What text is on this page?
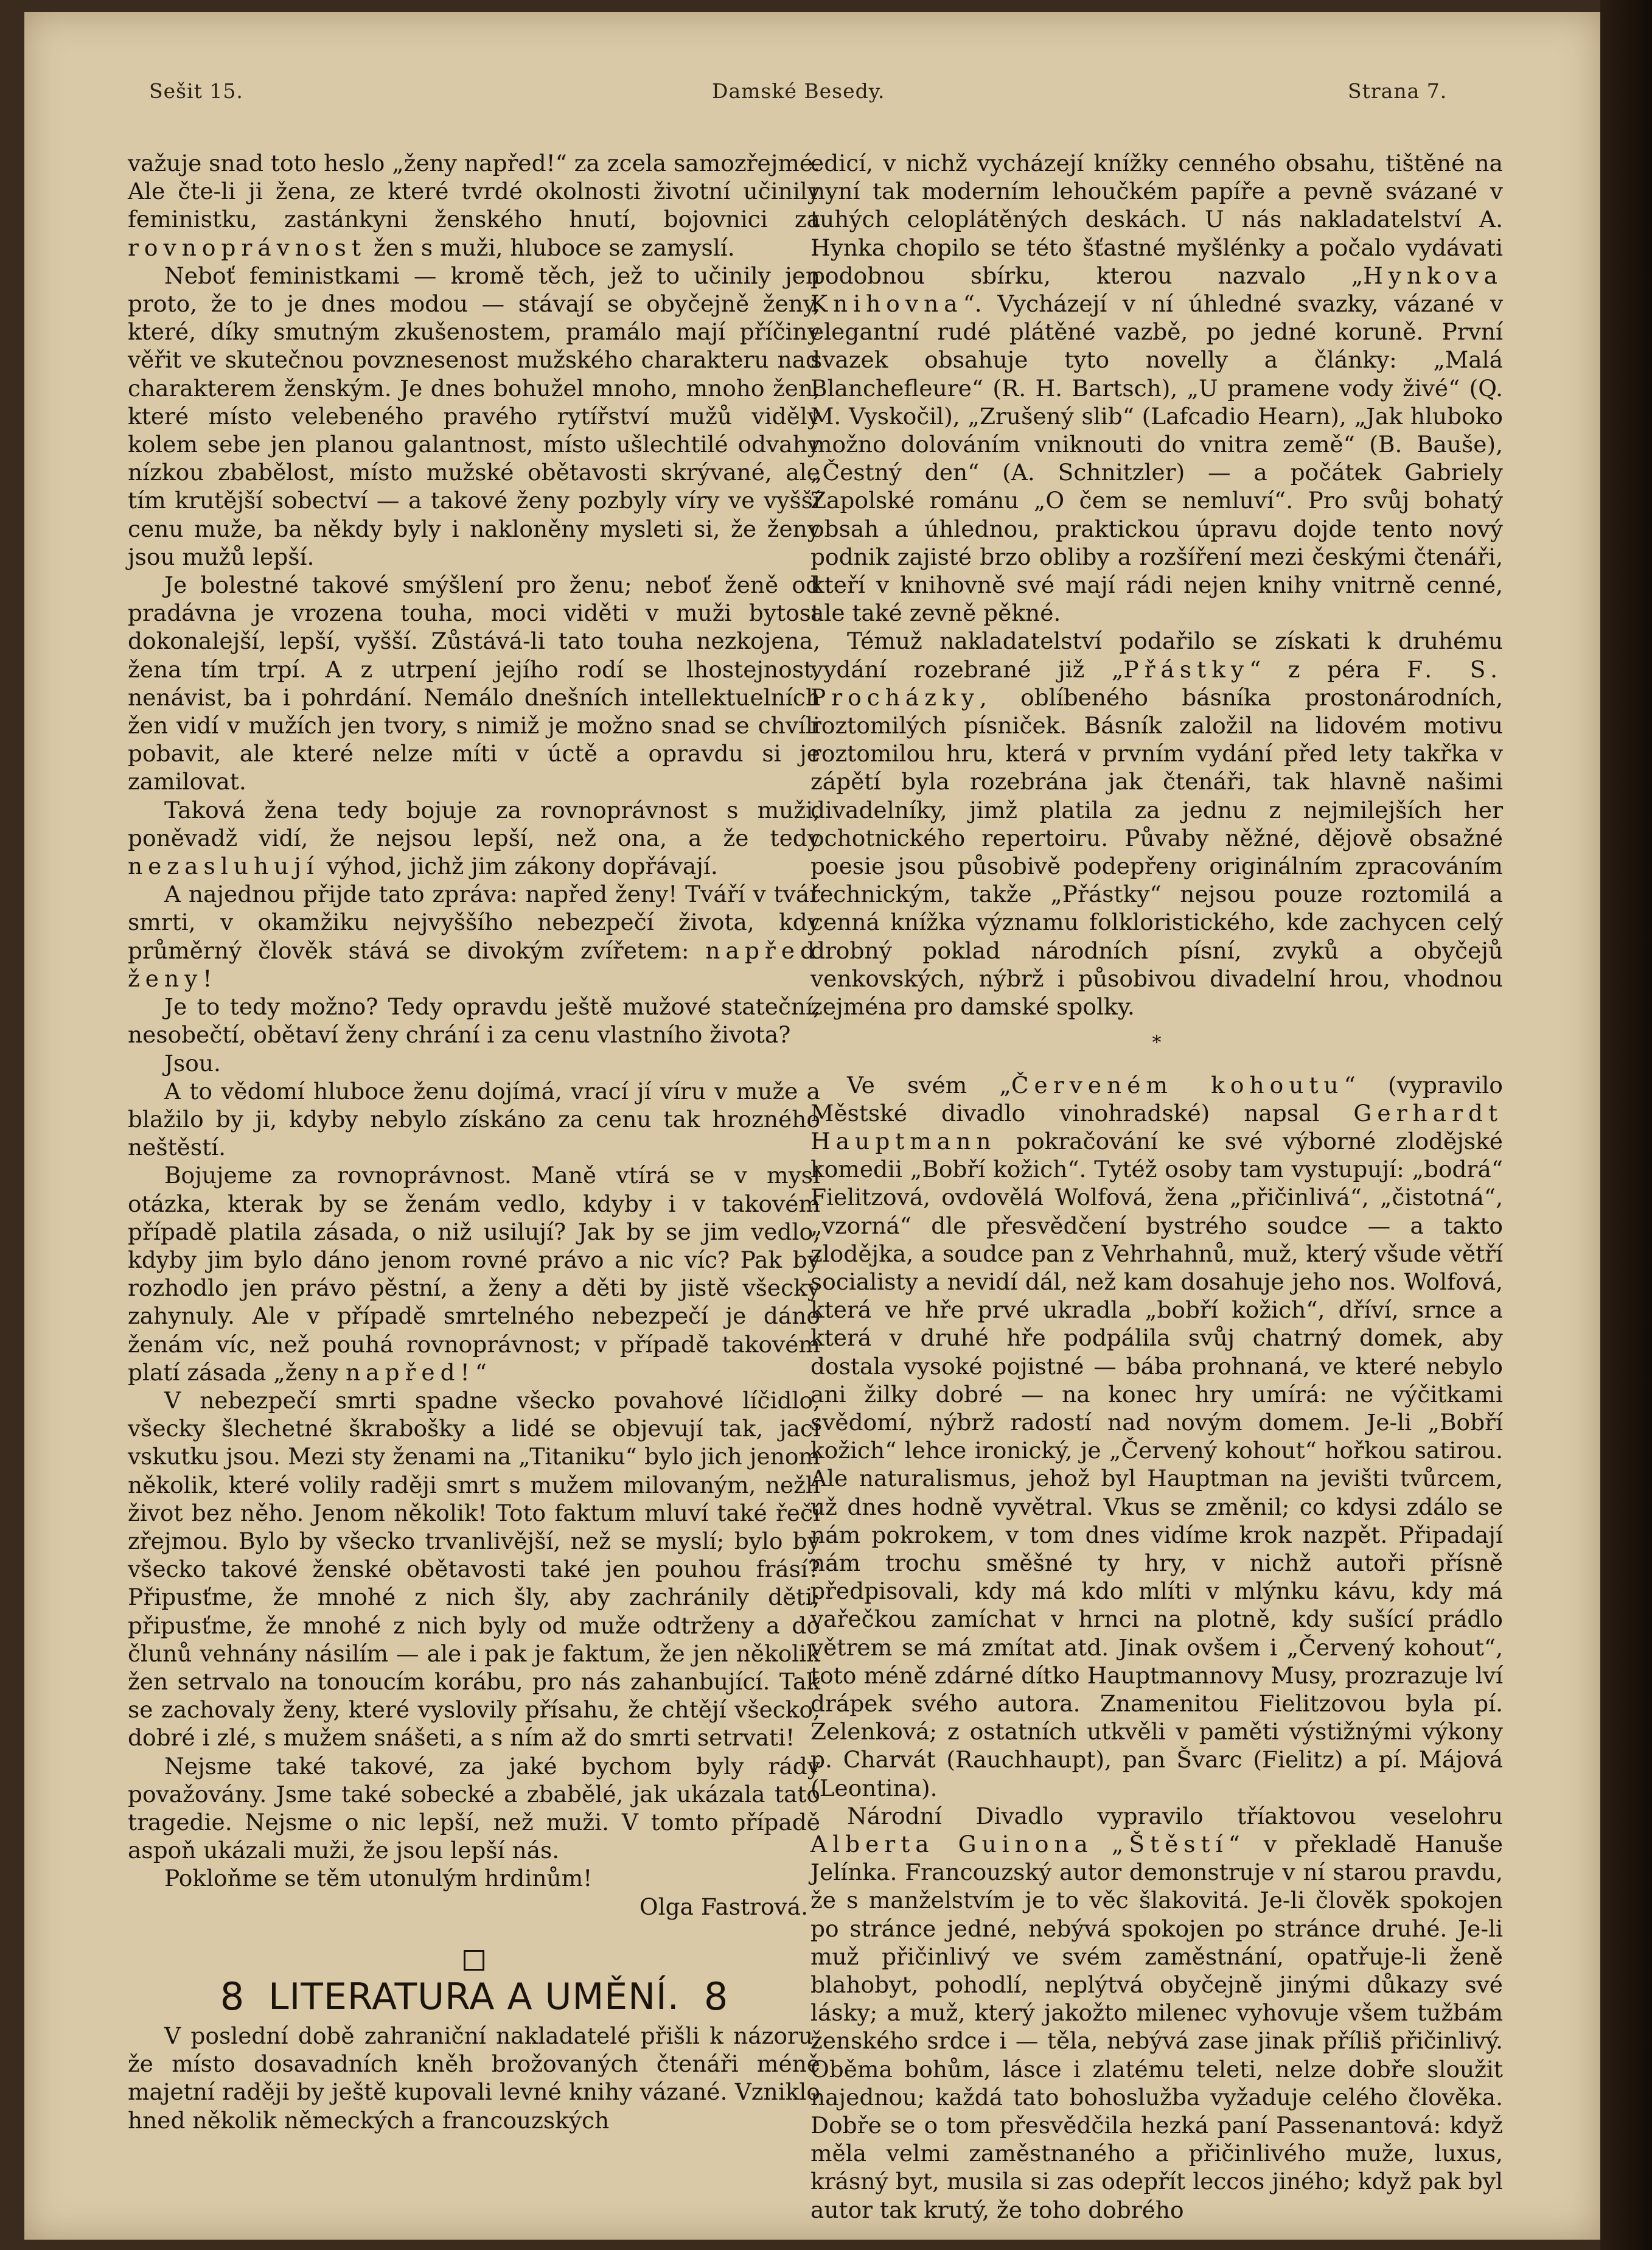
Sešit 15.	Damské Besedy.	Strana 7.

važuje snad toto heslo „ženy napřed!“ za zcela samozřejmé. Ale čte-li ji žena, ze které tvrdé okolnosti životní učinily feministku, zastánkyni ženského hnutí, bojovnici za rovnoprávnost žen s muži, hluboce se zamyslí.

Neboť feministkami — kromě těch, jež to učinily jen proto, že to je dnes modou — stávají se obyčejně ženy, které, díky smutným zkušenostem, pramálo mají příčiny věřit ve skutečnou povznesenost mužského charakteru nad charakterem ženským. Je dnes bohužel mnoho, mnoho žen, které místo velebeného pravého rytířství mužů viděly kolem sebe jen planou galantnost, místo ušlechtilé odvahy nízkou zbabělost, místo mužské obětavosti skrývané, ale tím krutější sobectví — a takové ženy pozbyly víry ve vyšší cenu muže, ba někdy byly i nakloněny mysleti si, že ženy jsou mužů lepší.

Je bolestné takové smýšlení pro ženu; neboť ženě od pradávna je vrozena touha, moci viděti v muži bytost dokonalejší, lepší, vyšší. Zůstává-li tato touha nezkojena, žena tím trpí. A z utrpení jejího rodí se lhostejnost, nenávist, ba i pohrdání. Nemálo dnešních intellektuelních žen vidí v mužích jen tvory, s nimiž je možno snad se chvíli pobavit, ale které nelze míti v úctě a opravdu si je zamilovat.

Taková žena tedy bojuje za rovnoprávnost s muži, poněvadž vidí, že nejsou lepší, než ona, a že tedy nezasluhují výhod, jichž jim zákony dopřávají.

A najednou přijde tato zpráva: napřed ženy! Tváří v tvář smrti, v okamžiku nejvyššího nebezpečí života, kdy průměrný člověk stává se divokým zvířetem: napřed ženy!

Je to tedy možno? Tedy opravdu ještě mužové stateční, nesobečtí, obětaví ženy chrání i za cenu vlastního života?

Jsou.

A to vědomí hluboce ženu dojímá, vrací jí víru v muže a blažilo by ji, kdyby nebylo získáno za cenu tak hrozného neštěstí.

Bojujeme za rovnoprávnost. Maně vtírá se v mysl otázka, kterak by se ženám vedlo, kdyby i v takovém případě platila zásada, o niž usilují? Jak by se jim vedlo, kdyby jim bylo dáno jenom rovné právo a nic víc? Pak by rozhodlo jen právo pěstní, a ženy a děti by jistě všecky zahynuly. Ale v případě smrtelného nebezpečí je dáno ženám víc, než pouhá rovnoprávnost; v případě takovém platí zásada „ženy napřed!“

V nebezpečí smrti spadne všecko povahové líčidlo, všecky šlechetné škrabošky a lidé se objevují tak, jací vskutku jsou. Mezi sty ženami na „Titaniku“ bylo jich jenom několik, které volily raději smrt s mužem milovaným, nežli život bez něho. Jenom několik! Toto faktum mluví také řečí zřejmou. Bylo by všecko trvanlivější, než se myslí; bylo by všecko takové ženské obětavosti také jen pouhou frásí? Připusťme, že mnohé z nich šly, aby zachránily děti; připusťme, že mnohé z nich byly od muže odtrženy a do člunů vehnány násilím — ale i pak je faktum, že jen několik žen setrvalo na tonoucím korábu, pro nás zahanbující. Tak se zachovaly ženy, které vyslovily přísahu, že chtějí všecko, dobré i zlé, s mužem snášeti, a s ním až do smrti setrvati!

Nejsme také takové, za jaké bychom byly rády považovány. Jsme také sobecké a zbabělé, jak ukázala tato tragedie. Nejsme o nic lepší, než muži. V tomto případě aspoň ukázali muži, že jsou lepší nás.

Pokloňme se těm utonulým hrdinům!

Olga Fastrová.

8 LITERATURA A UMĚNÍ. 8

V poslední době zahraniční nakladatelé přišli k názoru, že místo dosavadních kněh brožovaných čtenáři méně majetní raději by ještě kupovali levné knihy vázané. Vzniklo hned několik německých a francouzských

edicí, v nichž vycházejí knížky cenného obsahu, tištěné na nyní tak moderním lehoučkém papíře a pevně svázané v tuhých celoplátěných deskách. U nás nakladatelství A. Hynka chopilo se této šťastné myšlénky a počalo vydávati podobnou sbírku, kterou nazvalo „Hynkova Knihovna“. Vycházejí v ní úhledné svazky, vázané v elegantní rudé plátěné vazbě, po jedné koruně. První svazek obsahuje tyto novelly a články: „Malá Blanchefleure“ (R. H. Bartsch), „U pramene vody živé“ (Q. M. Vyskočil), „Zrušený slib“ (Lafcadio Hearn), „Jak hluboko možno dolováním vniknouti do vnitra země“ (B. Bauše), „Čestný den“ (A. Schnitzler) — a počátek Gabriely Zapolské románu „O čem se nemluví“. Pro svůj bohatý obsah a úhlednou, praktickou úpravu dojde tento nový podnik zajisté brzo obliby a rozšíření mezi českými čtenáři, kteří v knihovně své mají rádi nejen knihy vnitrně cenné, ale také zevně pěkné.

Témuž nakladatelství podařilo se získati k druhému vydání rozebrané již „Přástky“ z péra F. S. Procházky, oblíbeného básníka prostonárodních, roztomilých písniček. Básník založil na lidovém motivu roztomilou hru, která v prvním vydání před lety takřka v zápětí byla rozebrána jak čtenáři, tak hlavně našimi divadelníky, jimž platila za jednu z nejmilejších her ochotnického repertoiru. Půvaby něžné, dějově obsažné poesie jsou působivě podepřeny originálním zpracováním technickým, takže „Přástky“ nejsou pouze roztomilá a cenná knížka významu folkloristického, kde zachycen celý drobný poklad národních písní, zvyků a obyčejů venkovských, nýbrž i působivou divadelní hrou, vhodnou zejména pro damské spolky.

*

Ve svém „Červeném kohoutu“ (vypravilo Městské divadlo vinohradské) napsal Gerhardt Hauptmann pokračování ke své výborné zlodějské komedii „Bobří kožich“. Tytéž osoby tam vystupují: „bodrá“ Fielitzová, ovdovělá Wolfová, žena „přičinlivá“, „čistotná“, „vzorná“ dle přesvědčení bystrého soudce — a takto zlodějka, a soudce pan z Vehrhahnů, muž, který všude větří socialisty a nevidí dál, než kam dosahuje jeho nos. Wolfová, která ve hře prvé ukradla „bobří kožich“, dříví, srnce a která v druhé hře podpálila svůj chatrný domek, aby dostala vysoké pojistné — bába prohnaná, ve které nebylo ani žilky dobré — na konec hry umírá: ne výčitkami svědomí, nýbrž radostí nad novým domem. Je-li „Bobří kožich“ lehce ironický, je „Červený kohout“ hořkou satirou. Ale naturalismus, jehož byl Hauptman na jevišti tvůrcem, už dnes hodně vyvětral. Vkus se změnil; co kdysi zdálo se nám pokrokem, v tom dnes vidíme krok nazpět. Připadají nám trochu směšné ty hry, v nichž autoři přísně předpisovali, kdy má kdo mlíti v mlýnku kávu, kdy má vařečkou zamíchat v hrnci na plotně, kdy sušící prádlo větrem se má zmítat atd. Jinak ovšem i „Červený kohout“, toto méně zdárné dítko Hauptmannovy Musy, prozrazuje lví drápek svého autora. Znamenitou Fielitzovou byla pí. Zelenková; z ostatních utkvěli v paměti výstižnými výkony p. Charvát (Rauchhaupt), pan Švarc (Fielitz) a pí. Májová (Leontina).

Národní Divadlo vypravilo tříaktovou veselohru Alberta Guinona „Štěstí“ v překladě Hanuše Jelínka. Francouzský autor demonstruje v ní starou pravdu, že s manželstvím je to věc šlakovitá. Je-li člověk spokojen po stránce jedné, nebývá spokojen po stránce druhé. Je-li muž přičinlivý ve svém zaměstnání, opatřuje-li ženě blahobyt, pohodlí, neplýtvá obyčejně jinými důkazy své lásky; a muž, který jakožto milenec vyhovuje všem tužbám ženského srdce i — těla, nebývá zase jinak příliš přičinlivý. Oběma bohům, lásce i zlatému teleti, nelze dobře sloužit najednou; každá tato bohoslužba vyžaduje celého člověka. Dobře se o tom přesvědčila hezká paní Passenantová: když měla velmi zaměstnaného a přičinlivého muže, luxus, krásný byt, musila si zas odepřít leccos jiného; když pak byl autor tak krutý, že toho dobrého
